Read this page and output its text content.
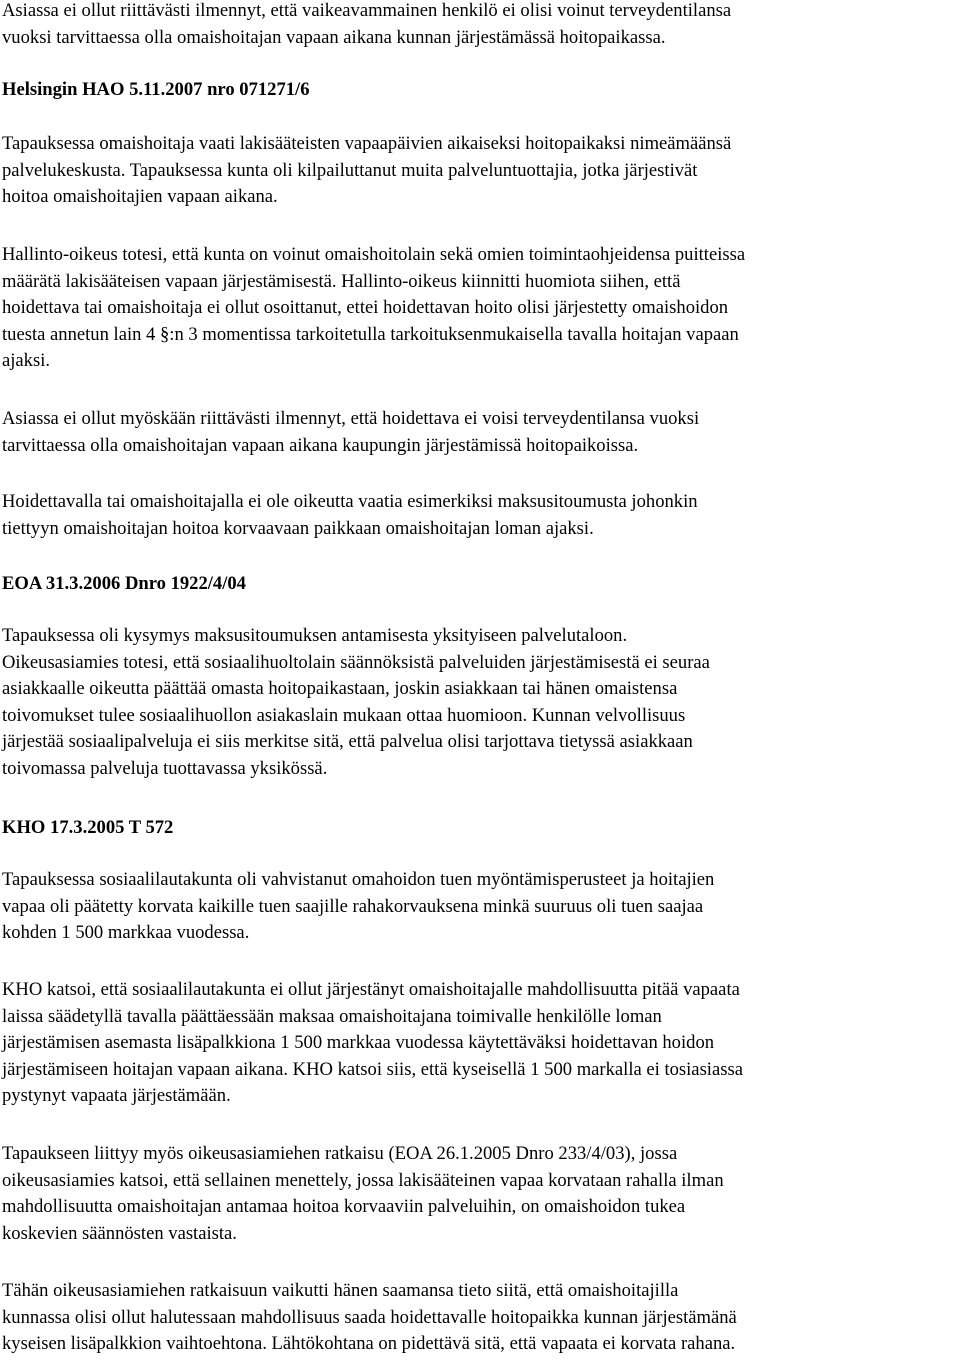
Asiassa ei ollut riittävästi ilmennyt, että vaikeavammainen henkilö ei olisi voinut terveydentilansa
vuoksi tarvittaessa olla omaishoitajan vapaan aikana kunnan järjestämässä hoitopaikassa.

Helsingin HAO 5.11.2007 nro 071271/6

Tapauksessa omaishoitaja vaati lakisääteisten vapaapäivien aikaiseksi hoitopaikaksi nimeämäänsä
palvelukeskusta. Tapauksessa kunta oli kilpailuttanut muita palveluntuottajia, jotka järjestivät
hoitoa omaishoitajien vapaan aikana.

Hallinto-oikeus totesi, että kunta on voinut omaishoitolain sekä omien toimintaohjeidensa puitteissa
määrätä lakisääteisen vapaan järjestämisestä. Hallinto-oikeus kiinnitti huomiota siihen, että
hoidettava tai omaishoitaja ei ollut osoittanut, ettei hoidettavan hoito olisi järjestetty omaishoidon
tuesta annetun lain 4 §:n 3 momentissa tarkoitetulla tarkoituksenmukaisella tavalla hoitajan vapaan
ajaksi.

Asiassa ei ollut myöskään riittävästi ilmennyt, että hoidettava ei voisi terveydentilansa vuoksi
tarvittaessa olla omaishoitajan vapaan aikana kaupungin järjestämissä hoitopaikoissa.

Hoidettavalla tai omaishoitajalla ei ole oikeutta vaatia esimerkiksi maksusitoumusta johonkin
tiettyyn omaishoitajan hoitoa korvaavaan paikkaan omaishoitajan loman ajaksi.

EOA 31.3.2006 Dnro 1922/4/04

Tapauksessa oli kysymys maksusitoumuksen antamisesta yksityiseen palvelutaloon.
Oikeusasiamies totesi, että sosiaalihuoltolain säännöksistä palveluiden järjestämisestä ei seuraa
asiakkaalle oikeutta päättää omasta hoitopaikastaan, joskin asiakkaan tai hänen omaistensa
toivomukset tulee sosiaalihuollon asiakaslain mukaan ottaa huomioon. Kunnan velvollisuus
järjestää sosiaalipalveluja ei siis merkitse sitä, että palvelua olisi tarjottava tietyssä asiakkaan
toivomassa palveluja tuottavassa yksikössä.

KHO 17.3.2005 T 572

Tapauksessa sosiaalilautakunta oli vahvistanut omahoidon tuen myöntämisperusteet ja hoitajien
vapaa oli päätetty korvata kaikille tuen saajille rahakorvauksena minkä suuruus oli tuen saajaa
kohden 1 500 markkaa vuodessa.

KHO katsoi, että sosiaalilautakunta ei ollut järjestänyt omaishoitajalle mahdollisuutta pitää vapaata
laissa säädetyllä tavalla päättäessään maksaa omaishoitajana toimivalle henkilölle loman
järjestämisen asemasta lisäpalkkiona 1 500 markkaa vuodessa käytettäväksi hoidettavan hoidon
järjestämiseen hoitajan vapaan aikana. KHO katsoi siis, että kyseisellä 1 500 markalla ei tosiasiassa
pystynyt vapaata järjestämään.

Tapaukseen liittyy myös oikeusasiamiehen ratkaisu (EOA 26.1.2005 Dnro 233/4/03), jossa
oikeusasiamies katsoi, että sellainen menettely, jossa lakisääteinen vapaa korvataan rahalla ilman
mahdollisuutta omaishoitajan antamaa hoitoa korvaaviin palveluihin, on omaishoidon tukea
koskevien säännösten vastaista.

Tähän oikeusasiamiehen ratkaisuun vaikutti hänen saamansa tieto siitä, että omaishoitajilla
kunnassa olisi ollut halutessaan mahdollisuus saada hoidettavalle hoitopaikka kunnan järjestämänä
kyseisen lisäpalkkion vaihtoehtona. Lähtökohtana on pidettävä sitä, että vapaata ei korvata rahana.
